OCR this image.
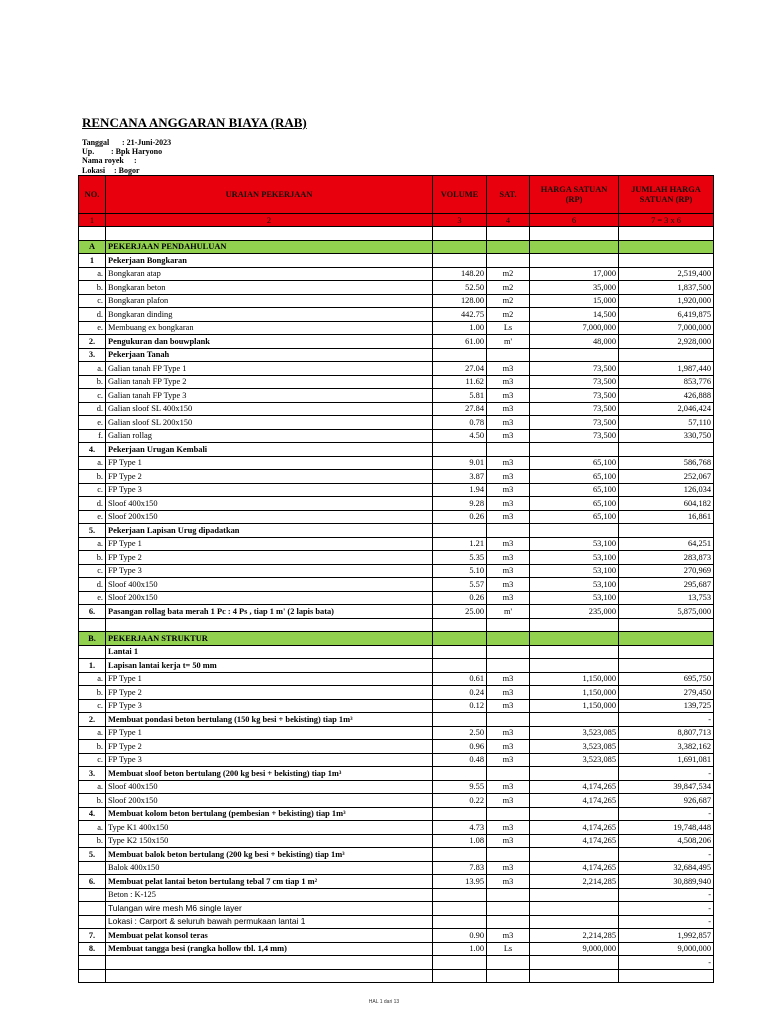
RENCANA ANGGARAN BIAYA (RAB)
Tanggal : 21-Juni-2023
Up. : Bpk Haryono
Nama royek :
Lokasi : Bogor
NO.	URAIAN PEKERJAAN	VOLUME	SAT.	HARGA SATUAN (RP)	JUMLAH HARGA SATUAN (RP)
1	2	3	4	6	7 = 3 x 6

A	PEKERJAAN PENDAHULUAN				
1	Pekerjaan Bongkaran				
a.	Bongkaran atap	148.20	m2	17,000	2,519,400
b.	Bongkaran beton	52.50	m2	35,000	1,837,500
c.	Bongkaran plafon	128.00	m2	15,000	1,920,000
d.	Bongkaran dinding	442.75	m2	14,500	6,419,875
e.	Membuang ex bongkaran	1.00	Ls	7,000,000	7,000,000
2.	Pengukuran dan bouwplank	61.00	m'	48,000	2,928,000
3.	Pekerjaan Tanah				
a.	Galian tanah FP Type 1	27.04	m3	73,500	1,987,440
b.	Galian tanah FP Type 2	11.62	m3	73,500	853,776
c.	Galian tanah FP Type 3	5.81	m3	73,500	426,888
d.	Galian sloof SL 400x150	27.84	m3	73,500	2,046,424
e.	Galian sloof SL 200x150	0.78	m3	73,500	57,110
f.	Galian rollag	4.50	m3	73,500	330,750
4.	Pekerjaan Urugan Kembali				
a.	FP Type 1	9.01	m3	65,100	586,768
b.	FP Type 2	3.87	m3	65,100	252,067
c.	FP Type 3	1.94	m3	65,100	126,034
d.	Sloof 400x150	9.28	m3	65,100	604,182
e.	Sloof 200x150	0.26	m3	65,100	16,861
5.	Pekerjaan Lapisan Urug dipadatkan				
a.	FP Type 1	1.21	m3	53,100	64,251
b.	FP Type 2	5.35	m3	53,100	283,873
c.	FP Type 3	5.10	m3	53,100	270,969
d.	Sloof 400x150	5.57	m3	53,100	295,687
e.	Sloof 200x150	0.26	m3	53,100	13,753
6.	Pasangan rollag bata merah 1 Pc : 4 Ps , tiap 1 m' (2 lapis bata)	25.00	m'	235,000	5,875,000

B.	PEKERJAAN STRUKTUR				
	Lantai 1				
1.	Lapisan lantai kerja t= 50 mm				
a.	FP Type 1	0.61	m3	1,150,000	695,750
b.	FP Type 2	0.24	m3	1,150,000	279,450
c.	FP Type 3	0.12	m3	1,150,000	139,725
2.	Membuat pondasi beton bertulang (150 kg besi + bekisting) tiap 1m³				-
a.	FP Type 1	2.50	m3	3,523,085	8,807,713
b.	FP Type 2	0.96	m3	3,523,085	3,382,162
c.	FP Type 3	0.48	m3	3,523,085	1,691,081
3.	Membuat sloof beton bertulang (200 kg besi + bekisting) tiap 1m³				-
a.	Sloof 400x150	9.55	m3	4,174,265	39,847,534
b.	Sloof 200x150	0.22	m3	4,174,265	926,687
4.	Membuat kolom beton bertulang (pembesian + bekisting) tiap 1m³				-
a.	Type K1 400x150	4.73	m3	4,174,265	19,748,448
b.	Type K2 150x150	1.08	m3	4,174,265	4,508,206
5.	Membuat balok beton bertulang (200 kg besi + bekisting) tiap 1m³				-
	Balok 400x150	7.83	m3	4,174,265	32,684,495
6.	Membuat pelat lantai beton bertulang tebal 7 cm tiap 1 m²	13.95	m3	2,214,285	30,889,940
	Beton : K-125				-
	Tulangan wire mesh M6 single layer				-
	Lokasi : Carport & seluruh bawah permukaan lantai 1				-
7.	Membuat pelat konsol teras	0.90	m3	2,214,285	1,992,857
8.	Membuat tangga besi (rangka hollow tbl. 1,4 mm)	1.00	Ls	9,000,000	9,000,000
					-

HAL 1 dari 13
